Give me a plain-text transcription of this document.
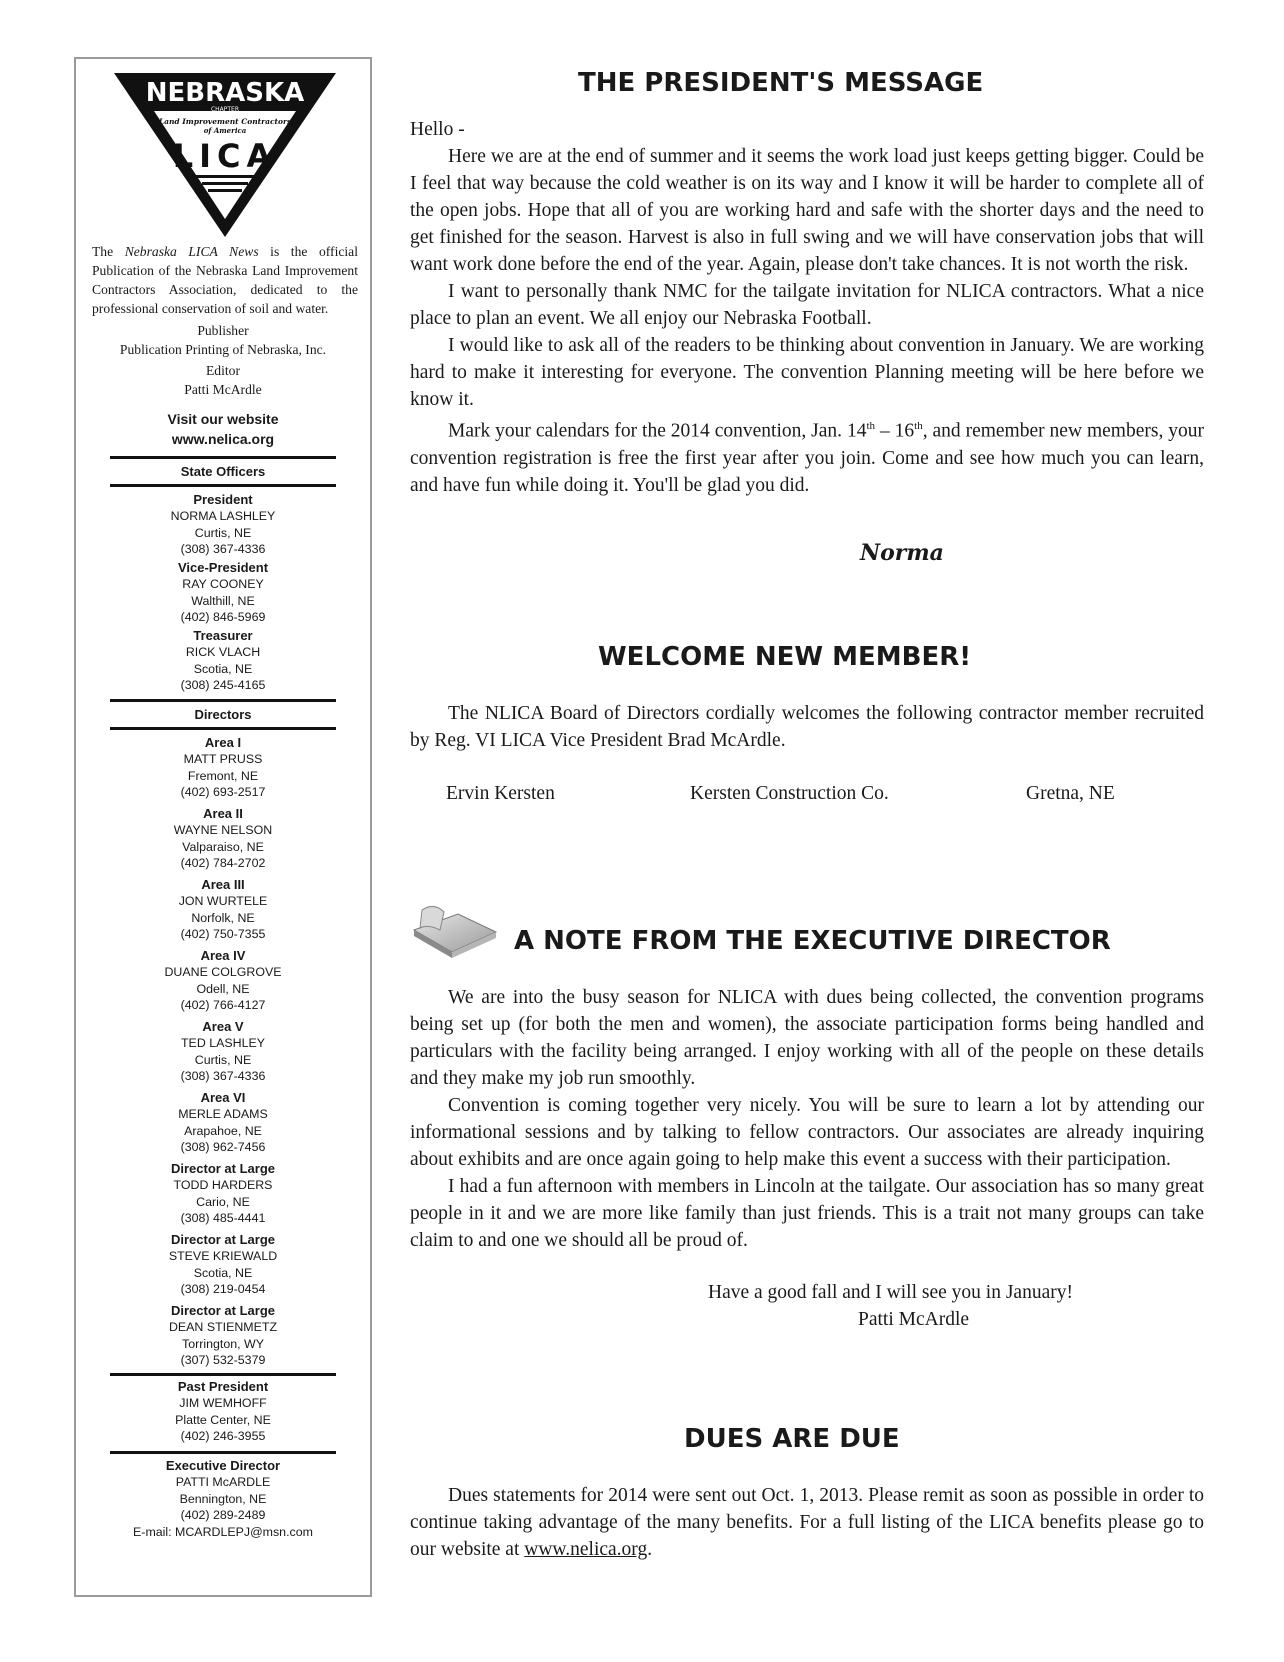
NEBRASKA
CHAPTER
Land Improvement Contractors
of America
LICA
The Nebraska LICA News is the official Publication of the Nebraska Land Improvement Contractors Association, dedicated to the professional conservation of soil and water.
Publisher
Publication Printing of Nebraska, Inc.
Editor
Patti McArdle
Visit our website
www.nelica.org
State Officers
President
NORMA LASHLEY
Curtis, NE
(308) 367-4336
Vice-President
RAY COONEY
Walthill, NE
(402) 846-5969
Treasurer
RICK VLACH
Scotia, NE
(308) 245-4165
Directors
Area I
MATT PRUSS
Fremont, NE
(402) 693-2517
Area II
WAYNE NELSON
Valparaiso, NE
(402) 784-2702
Area III
JON WURTELE
Norfolk, NE
(402) 750-7355
Area IV
DUANE COLGROVE
Odell, NE
(402) 766-4127
Area V
TED LASHLEY
Curtis, NE
(308) 367-4336
Area VI
MERLE ADAMS
Arapahoe, NE
(308) 962-7456
Director at Large
TODD HARDERS
Cario, NE
(308) 485-4441
Director at Large
STEVE KRIEWALD
Scotia, NE
(308) 219-0454
Director at Large
DEAN STIENMETZ
Torrington, WY
(307) 532-5379
Past President
JIM WEMHOFF
Platte Center, NE
(402) 246-3955
Executive Director
PATTI McARDLE
Bennington, NE
(402) 289-2489
E-mail: MCARDLEPJ@msn.com
THE PRESIDENT'S MESSAGE

Hello -

Here we are at the end of summer and it seems the work load just keeps getting bigger. Could be I feel that way because the cold weather is on its way and I know it will be harder to complete all of the open jobs. Hope that all of you are working hard and safe with the shorter days and the need to get finished for the season. Harvest is also in full swing and we will have conservation jobs that will want work done before the end of the year. Again, please don't take chances. It is not worth the risk.

I want to personally thank NMC for the tailgate invitation for NLICA contractors. What a nice place to plan an event. We all enjoy our Nebraska Football.

I would like to ask all of the readers to be thinking about convention in January. We are working hard to make it interesting for everyone. The convention Planning meeting will be here before we know it.

Mark your calendars for the 2014 convention, Jan. 14th – 16th, and remember new members, your convention registration is free the first year after you join. Come and see how much you can learn, and have fun while doing it. You'll be glad you did.

Norma
WELCOME NEW MEMBER!

The NLICA Board of Directors cordially welcomes the following contractor member recruited by Reg. VI LICA Vice President Brad McArdle.

Ervin Kersten	Kersten Construction Co.	Gretna, NE
A NOTE FROM THE EXECUTIVE DIRECTOR

We are into the busy season for NLICA with dues being collected, the convention programs being set up (for both the men and women), the associate participation forms being handled and particulars with the facility being arranged. I enjoy working with all of the people on these details and they make my job run smoothly.

Convention is coming together very nicely. You will be sure to learn a lot by attending our informational sessions and by talking to fellow contractors. Our associates are already inquiring about exhibits and are once again going to help make this event a success with their participation.

I had a fun afternoon with members in Lincoln at the tailgate. Our association has so many great people in it and we are more like family than just friends. This is a trait not many groups can take claim to and one we should all be proud of.

Have a good fall and I will see you in January!
Patti McArdle
DUES ARE DUE

Dues statements for 2014 were sent out Oct. 1, 2013. Please remit as soon as possible in order to continue taking advantage of the many benefits. For a full listing of the LICA benefits please go to our website at www.nelica.org.
